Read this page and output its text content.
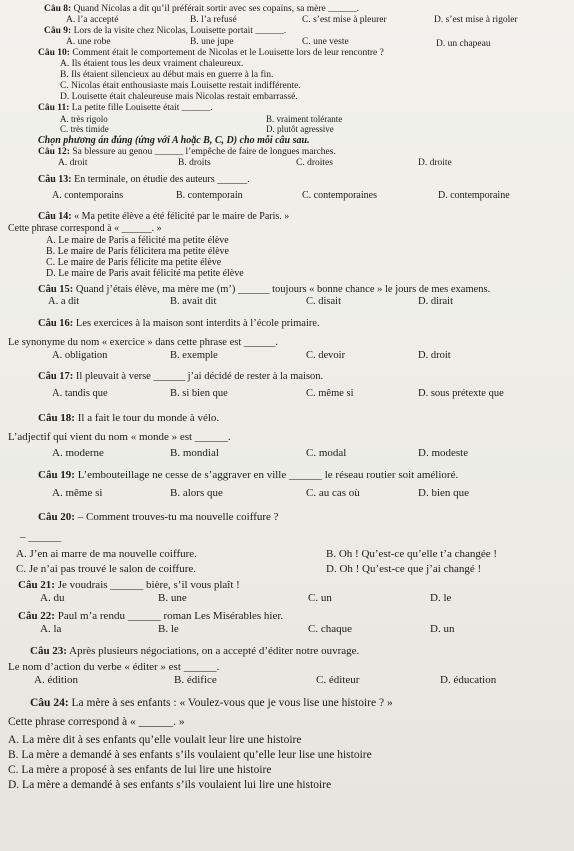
Câu 8: Quand Nicolas a dit qu’il préférait sortir avec ses copains, sa mère ______.
A. l’a accepté	B. l’a refusé	C. s’est mise à pleurer	D. s’est mise à rigoler
Câu 9: Lors de la visite chez Nicolas, Louisette portait ______.
A. une robe	B. une jupe	C. une veste	D. un chapeau
Câu 10: Comment était le comportement de Nicolas et le Louisette lors de leur rencontre ?
A. Ils étaient tous les deux vraiment chaleureux.
B. Ils étaient silencieux au début mais en guerre à la fin.
C. Nicolas était enthousiaste mais Louisette restait indifférente.
D. Louisette était chaleureuse mais Nicolas restait embarrassé.
Câu 11: La petite fille Louisette était ______.
A. très rigolo	B. vraiment tolérante
C. très timide	D. plutôt agressive
Chọn phương án đúng (ứng với A hoặc B, C, D) cho mỗi câu sau.
Câu 12: Sa blessure au genou ______ l’empêche de faire de longues marches.
A. droit	B. droits	C. droites	D. droite
Câu 13: En terminale, on étudie des auteurs ______.
A. contemporains	B. contemporain	C. contemporaines	D. contemporaine
Câu 14: « Ma petite élève a été félicité par le maire de Paris. »
Cette phrase correspond à « ______. »
A. Le maire de Paris a félicité ma petite élève
B. Le maire de Paris félicitera ma petite élève
C. Le maire de Paris félicite ma petite élève
D. Le maire de Paris avait félicité ma petite élève
Câu 15: Quand j’étais élève, ma mère me (m’) ______ toujours « bonne chance » le jours de mes examens.
A. a dit	B. avait dit	C. disait	D. dirait
Câu 16: Les exercices à la maison sont interdits à l’école primaire.
Le synonyme du nom « exercice » dans cette phrase est ______.
A. obligation	B. exemple	C. devoir	D. droit
Câu 17: Il pleuvait à verse ______ j’ai décidé de rester à la maison.
A. tandis que	B. si bien que	C. même si	D. sous prétexte que
Câu 18: Il a fait le tour du monde à vélo.
L’adjectif qui vient du nom « monde » est ______.
A. moderne	B. mondial	C. modal	D. modeste
Câu 19: L’embouteillage ne cesse de s’aggraver en ville ______ le réseau routier soit amélioré.
A. même si	B. alors que	C. au cas où	D. bien que
Câu 20: – Comment trouves-tu ma nouvelle coiffure ?
– ______
A. J’en ai marre de ma nouvelle coiffure.	B. Oh ! Qu’est-ce qu’elle t’a changée !
C. Je n’ai pas trouvé le salon de coiffure.	D. Oh ! Qu’est-ce que j’ai changé !
Câu 21: Je voudrais ______ bière, s’il vous plaît !
A. du	B. une	C. un	D. le
Câu 22: Paul m’a rendu ______ roman Les Misérables hier.
A. la	B. le	C. chaque	D. un
Câu 23: Après plusieurs négociations, on a accepté d’éditer notre ouvrage.
Le nom d’action du verbe « éditer » est ______.
A. édition	B. édifice	C. éditeur	D. éducation
Câu 24: La mère à ses enfants : « Voulez-vous que je vous lise une histoire ? »
Cette phrase correspond à « ______. »
A. La mère dit à ses enfants qu’elle voulait leur lire une histoire
B. La mère a demandé à ses enfants s’ils voulaient qu’elle leur lise une histoire
C. La mère a proposé à ses enfants de lui lire une histoire
D. La mère a demandé à ses enfants s’ils voulaient lui lire une histoire
